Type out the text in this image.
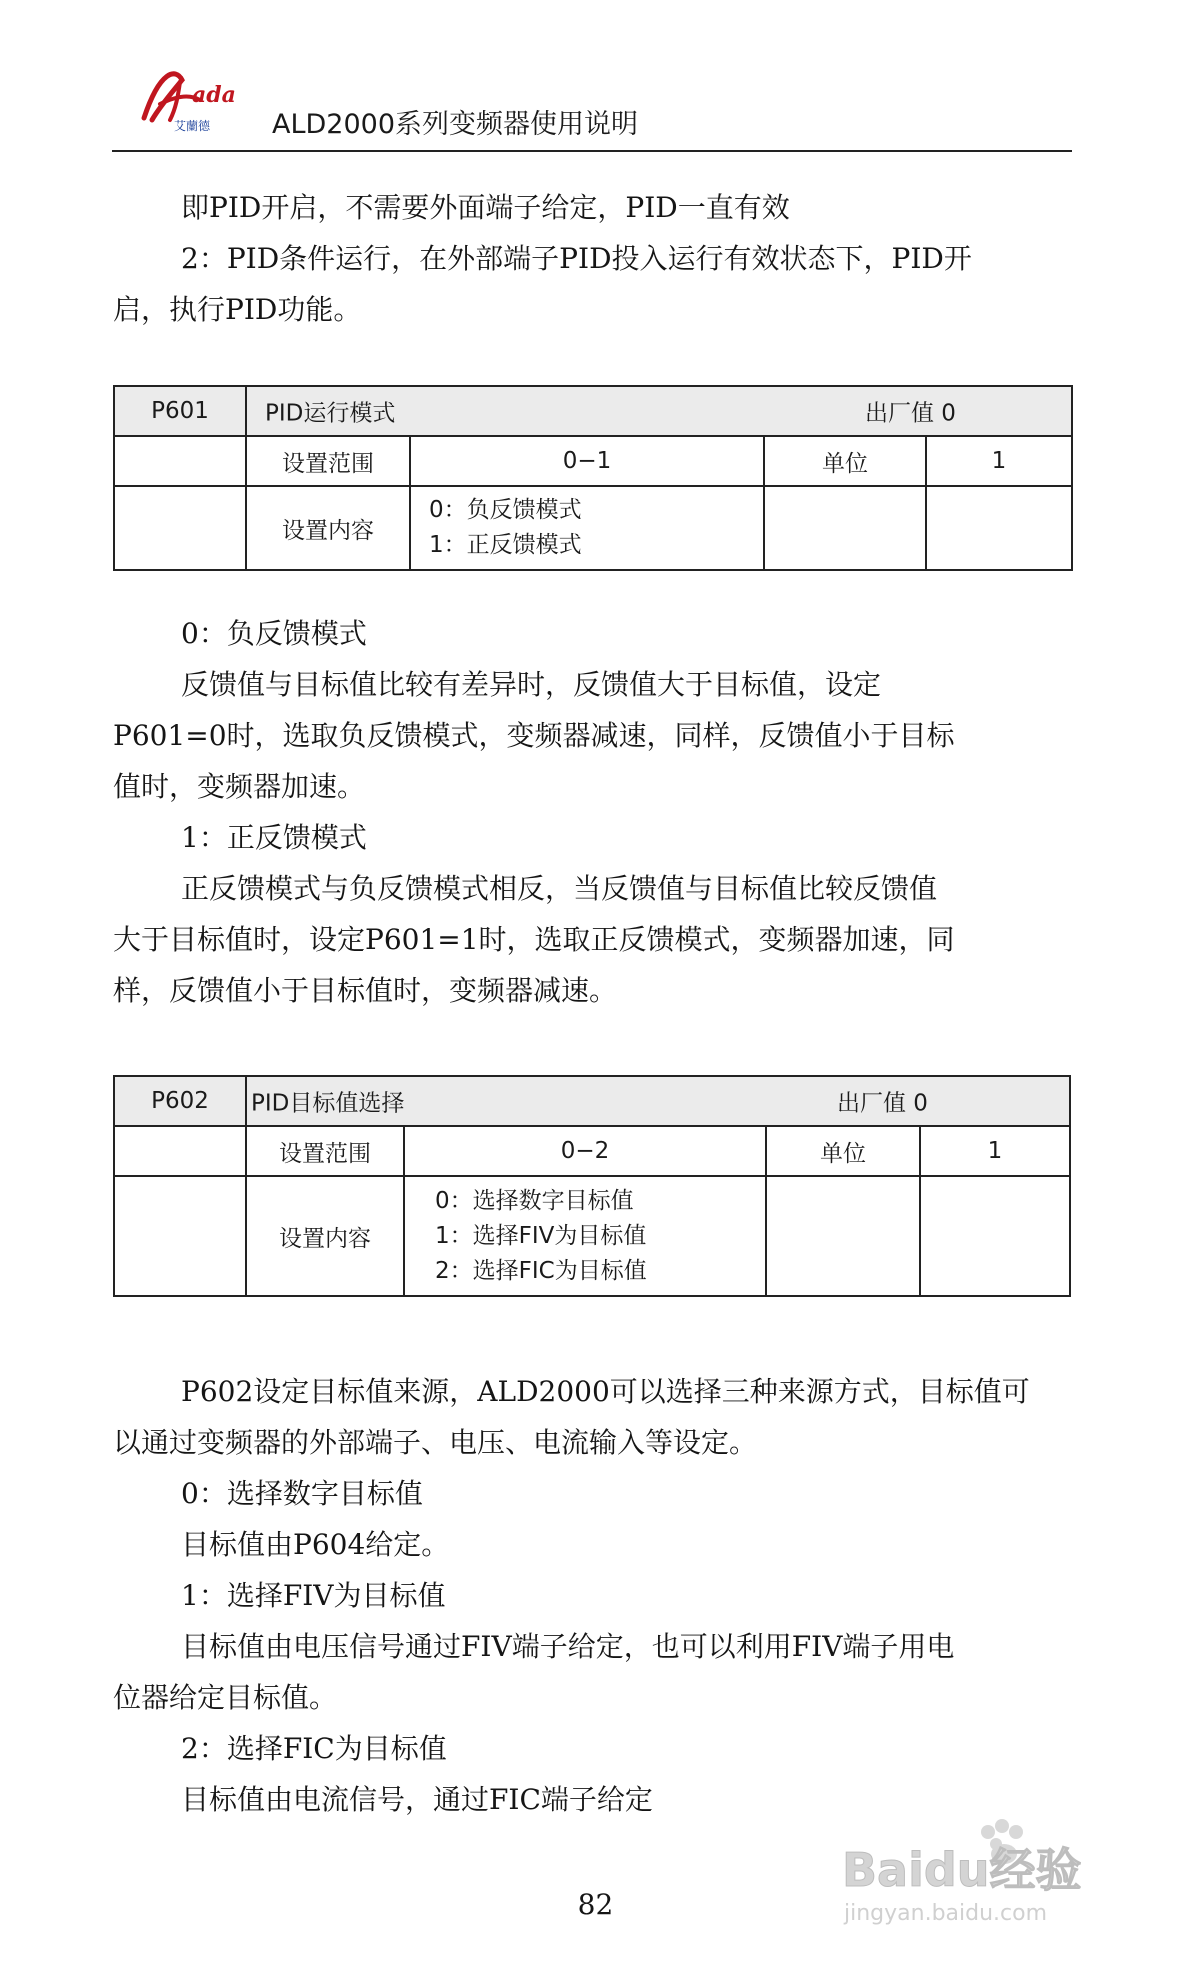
ada
艾蘭德 ALD2000系列变频器使用说明

即PID开启，不需要外面端子给定，PID一直有效

2：PID条件运行，在外部端子PID投入运行有效状态下，PID开

启，执行PID功能。

P601	PID运行模式 出厂值 0			

	设置范围	0−1	单位	1
	设置内容	0：负反馈模式
1：正反馈模式		

0：负反馈模式

反馈值与目标值比较有差异时，反馈值大于目标值，设定

P601=0时，选取负反馈模式，变频器减速，同样，反馈值小于目标

值时，变频器加速。

1：正反馈模式

正反馈模式与负反馈模式相反，当反馈值与目标值比较反馈值

大于目标值时，设定P601=1时，选取正反馈模式，变频器加速，同

样，反馈值小于目标值时，变频器减速。

P602	PID目标值选择 出厂值 0			

	设置范围	0−2	单位	1
	设置内容	0：选择数字目标值
1：选择FIV为目标值
2：选择FIC为目标值		

P602设定目标值来源，ALD2000可以选择三种来源方式，目标值可

以通过变频器的外部端子、电压、电流输入等设定。

0：选择数字目标值

目标值由P604给定。

1：选择FIV为目标值

目标值由电压信号通过FIV端子给定，也可以利用FIV端子用电

位器给定目标值。

2：选择FIC为目标值

目标值由电流信号，通过FIC端子给定

82
Baidu经验
jingyan.baidu.com
